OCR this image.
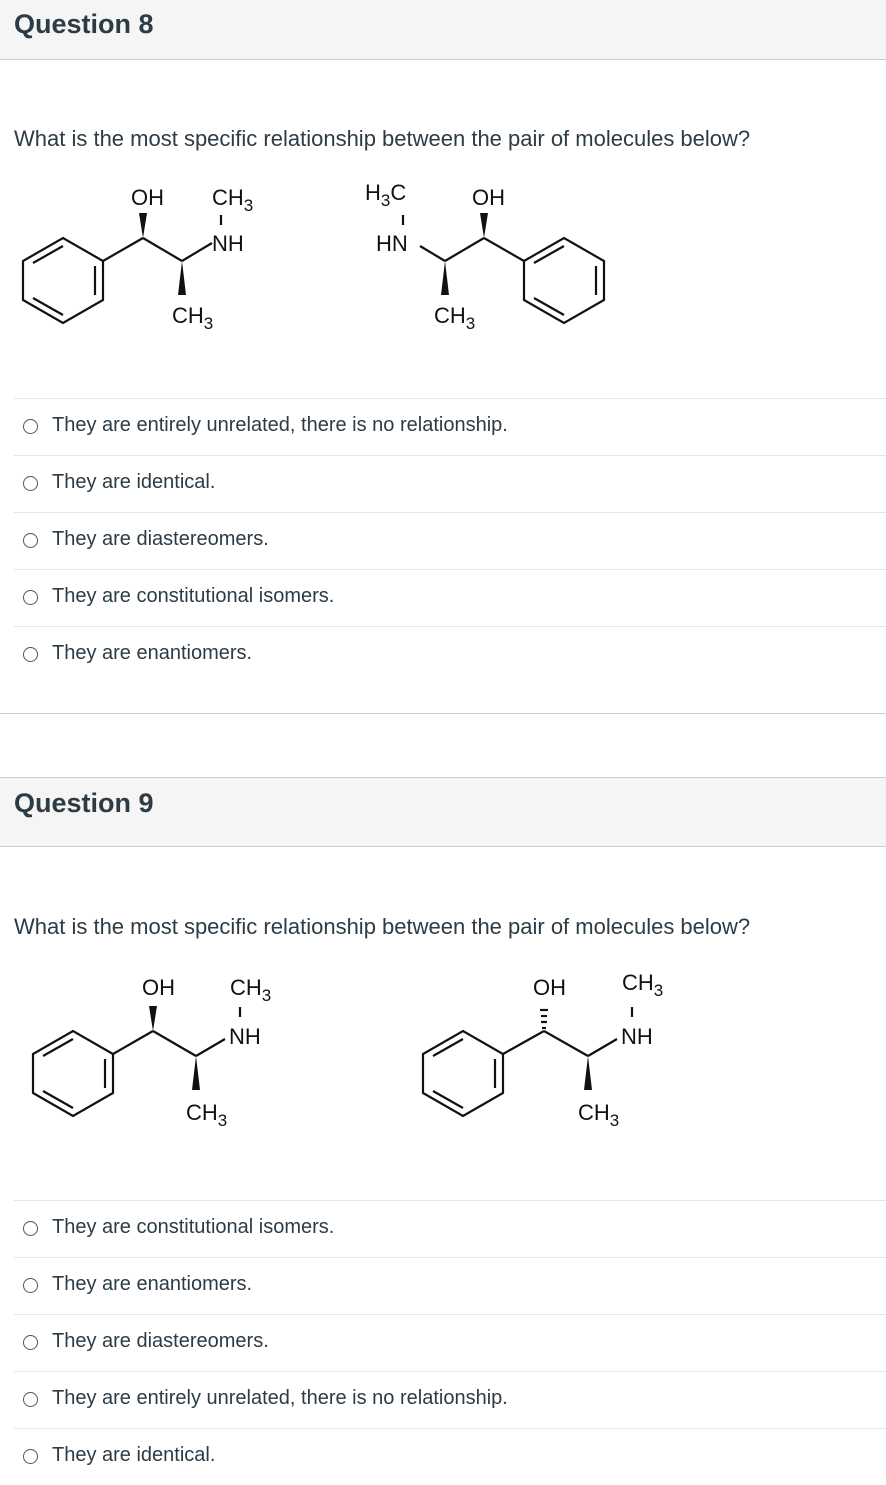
Question 8
What is the most specific relationship between the pair of molecules below?
OH $CH_3$
NH
$CH_3$
$H_3C$	OH
HN
$CH_3$
They are entirely unrelated, there is no relationship.
They are identical.
They are diastereomers.
They are constitutional isomers.
They are enantiomers.
Question 9
What is the most specific relationship between the pair of molecules below?
OH	$CH_3$
NH
$CH_3$
OH	$CH_3$
NH
$CH_3$
They are constitutional isomers.
They are enantiomers.
They are diastereomers.
They are entirely unrelated, there is no relationship.
They are identical.
